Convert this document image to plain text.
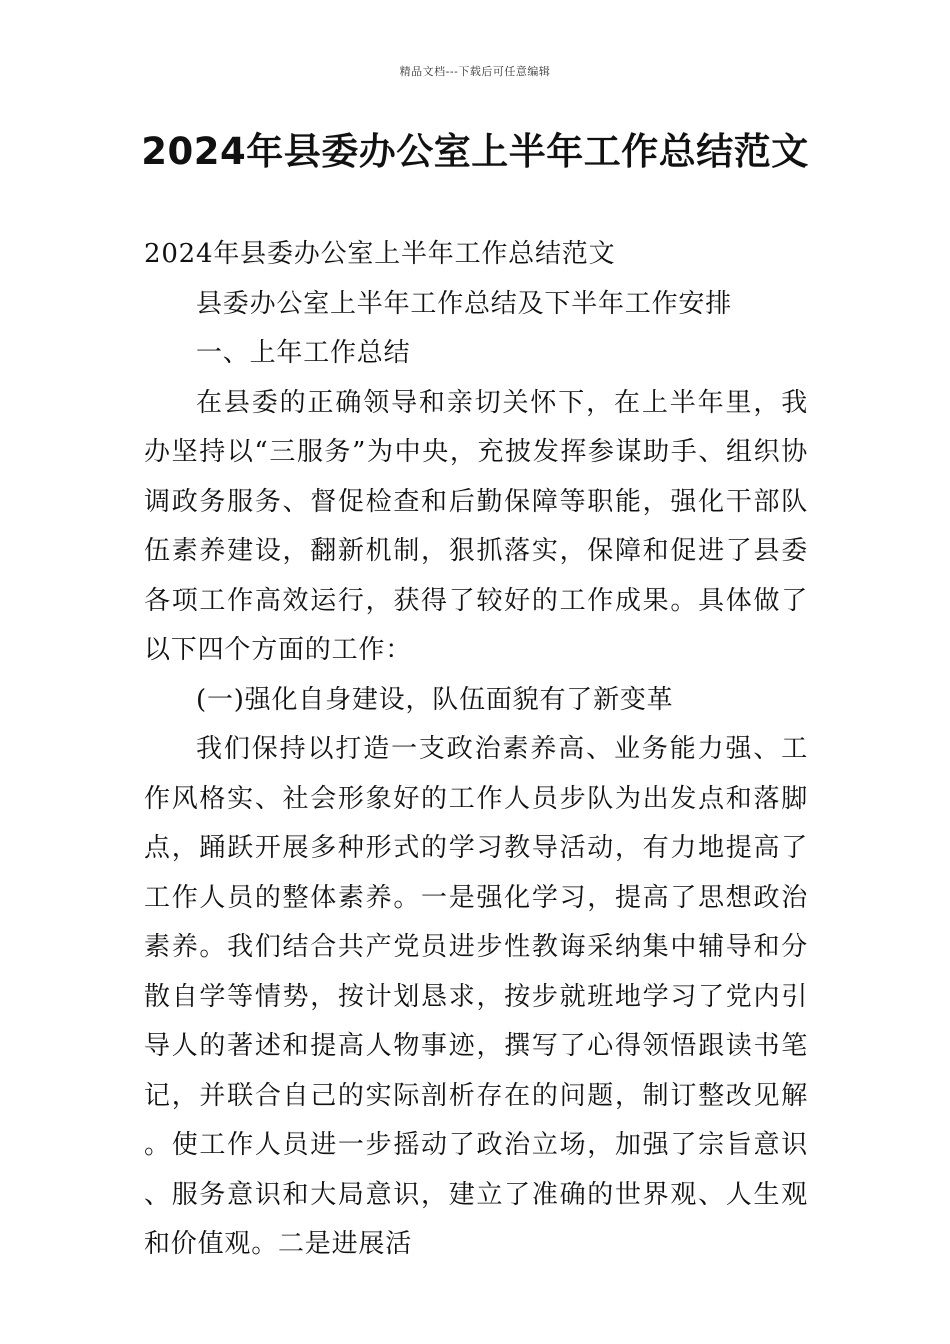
精品文档---下载后可任意编辑
2024年县委办公室上半年工作总结范文

2024年县委办公室上半年工作总结范文

县委办公室上半年工作总结及下半年工作安排

一、上年工作总结

在县委的正确领导和亲切关怀下，在上半年里，我办坚持以“三服务”为中央，充披发挥参谋助手、组织协调政务服务、督促检查和后勤保障等职能，强化干部队伍素养建设，翻新机制，狠抓落实，保障和促进了县委各项工作高效运行，获得了较好的工作成果。具体做了以下四个方面的工作：

(一)强化自身建设，队伍面貌有了新变革

我们保持以打造一支政治素养高、业务能力强、工作风格实、社会形象好的工作人员步队为出发点和落脚点，踊跃开展多种形式的学习教导活动，有力地提高了工作人员的整体素养。一是强化学习，提高了思想政治素养。我们结合共产党员进步性教诲采纳集中辅导和分散自学等情势，按计划恳求，按步就班地学习了党内引导人的著述和提高人物事迹，撰写了心得领悟跟读书笔记，并联合自己的实际剖析存在的问题，制订整改见解。使工作人员进一步摇动了政治立场，加强了宗旨意识、服务意识和大局意识，建立了准确的世界观、人生观和价值观。二是进展活
